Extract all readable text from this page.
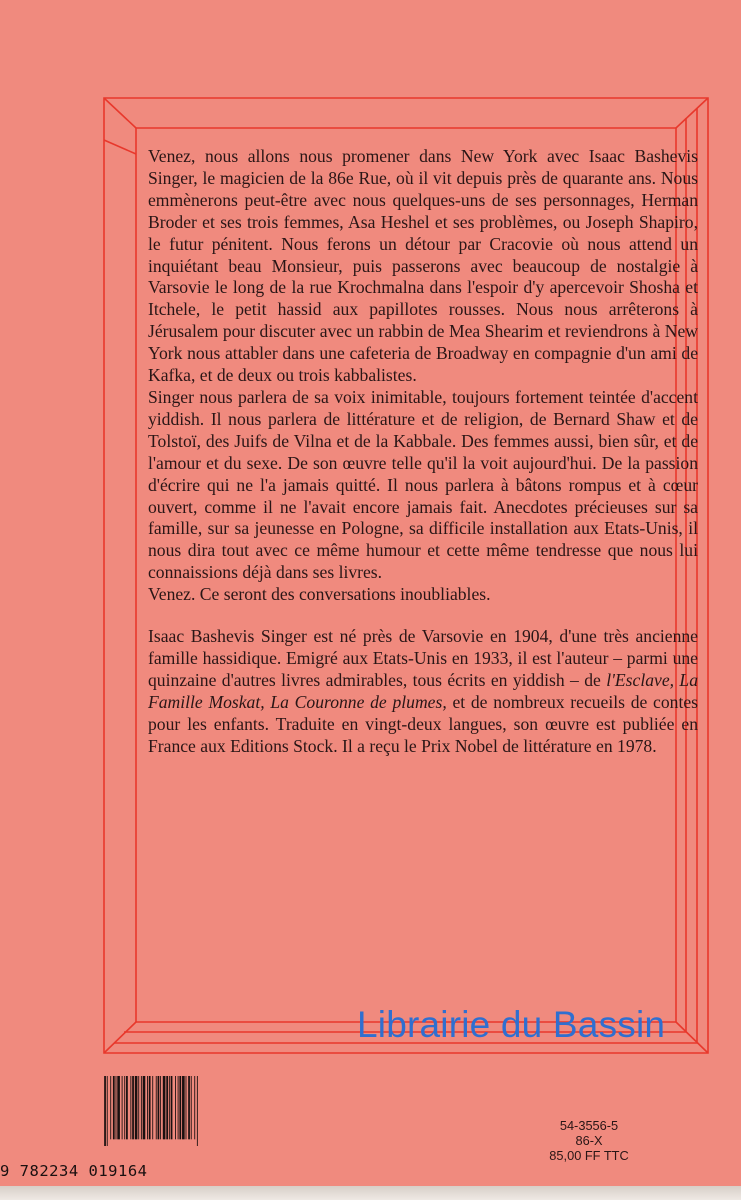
Venez, nous allons nous promener dans New York avec Isaac Bashevis Singer, le magicien de la 86e Rue, où il vit depuis près de quarante ans. Nous emmènerons peut-être avec nous quelques-uns de ses personnages, Herman Broder et ses trois femmes, Asa Heshel et ses problèmes, ou Joseph Shapiro, le futur pénitent. Nous ferons un détour par Cracovie où nous attend un inquiétant beau Monsieur, puis passerons avec beaucoup de nostalgie à Varsovie le long de la rue Krochmalna dans l'espoir d'y apercevoir Shosha et Itchele, le petit hassid aux papillotes rousses. Nous nous arrêterons à Jérusalem pour discuter avec un rabbin de Mea Shearim et reviendrons à New York nous attabler dans une cafeteria de Broadway en compagnie d'un ami de Kafka, et de deux ou trois kabbalistes.

Singer nous parlera de sa voix inimitable, toujours fortement teintée d'accent yiddish. Il nous parlera de littérature et de religion, de Bernard Shaw et de Tolstoï, des Juifs de Vilna et de la Kabbale. Des femmes aussi, bien sûr, et de l'amour et du sexe. De son œuvre telle qu'il la voit aujourd'hui. De la passion d'écrire qui ne l'a jamais quitté. Il nous parlera à bâtons rompus et à cœur ouvert, comme il ne l'avait encore jamais fait. Anecdotes précieuses sur sa famille, sur sa jeunesse en Pologne, sa difficile installation aux Etats-Unis, il nous dira tout avec ce même humour et cette même tendresse que nous lui connaissions déjà dans ses livres.

Venez. Ce seront des conversations inoubliables.

Isaac Bashevis Singer est né près de Varsovie en 1904, d'une très ancienne famille hassidique. Emigré aux Etats-Unis en 1933, il est l'auteur – parmi une quinzaine d'autres livres admirables, tous écrits en yiddish – de l'Esclave, La Famille Moskat, La Couronne de plumes, et de nombreux recueils de contes pour les enfants. Traduite en vingt-deux langues, son œuvre est publiée en France aux Editions Stock. Il a reçu le Prix Nobel de littérature en 1978.

Librairie du Bassin
9 782234 019164
54-3556-5
86-X
85,00 FF TTC
